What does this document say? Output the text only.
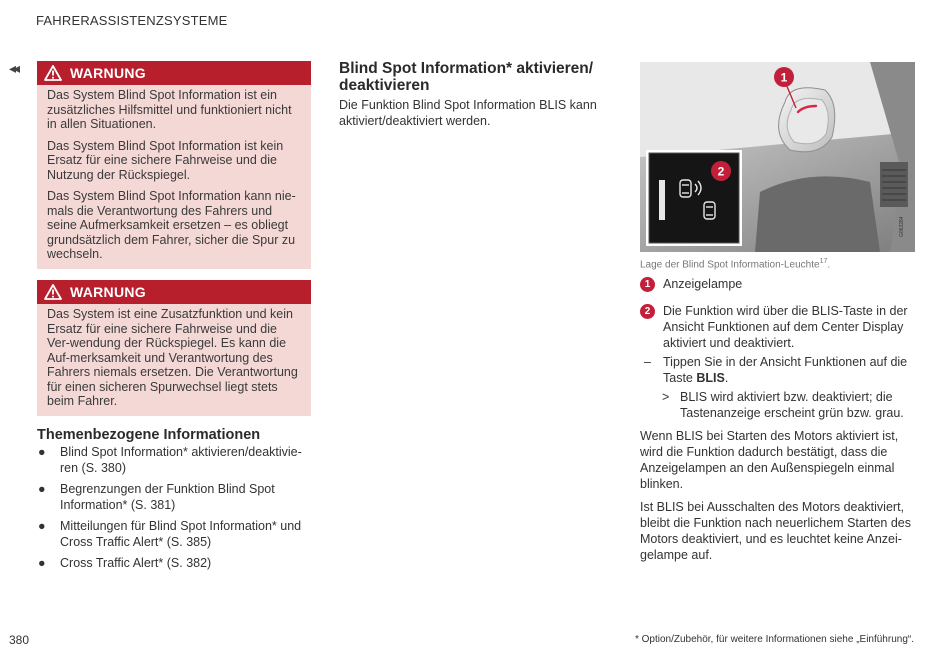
FAHRERASSISTENZSYSTEME
◂◂	WARNUNG

Das System Blind Spot Information ist ein zusätzliches Hilfsmittel und funktioniert nicht in allen Situationen.

Das System Blind Spot Information ist kein Ersatz für eine sichere Fahrweise und die Nutzung der Rückspiegel.

Das System Blind Spot Information kann nie-mals die Verantwortung des Fahrers und seine Aufmerksamkeit ersetzen – es obliegt grundsätzlich dem Fahrer, sicher die Spur zu wechseln.

WARNUNG

Das System ist eine Zusatzfunktion und kein Ersatz für eine sichere Fahrweise und die Ver-wendung der Rückspiegel. Es kann die Auf-merksamkeit und Verantwortung des Fahrers niemals ersetzen. Die Verantwortung für einen sicheren Spurwechsel liegt stets beim Fahrer.

Themenbezogene Informationen
● Blind Spot Information* aktivieren/deaktivie-ren (S. 380)
● Begrenzungen der Funktion Blind Spot Information* (S. 381)
● Mitteilungen für Blind Spot Information* und Cross Traffic Alert* (S. 385)
● Cross Traffic Alert* (S. 382)
Blind Spot Information* aktivieren/ deaktivieren
Die Funktion Blind Spot Information BLIS kann aktiviert/deaktiviert werden.
G062284
1
2
Lage der Blind Spot Information-Leuchte$^{17}$.
1	Anzeigelampe
2	Die Funktion wird über die BLIS-Taste in der Ansicht Funktionen auf dem Center Display aktiviert und deaktiviert.
– Tippen Sie in der Ansicht Funktionen auf die Taste BLIS.
> BLIS wird aktiviert bzw. deaktiviert; die Tastenanzeige erscheint grün bzw. grau.
Wenn BLIS bei Starten des Motors aktiviert ist, wird die Funktion dadurch bestätigt, dass die Anzeigelampen an den Außenspiegeln einmal blinken.
Ist BLIS bei Ausschalten des Motors deaktiviert, bleibt die Funktion nach neuerlichem Starten des Motors deaktiviert, und es leuchtet keine Anzei-gelampe auf.
380	* Option/Zubehör, für weitere Informationen siehe „Einführung“.
